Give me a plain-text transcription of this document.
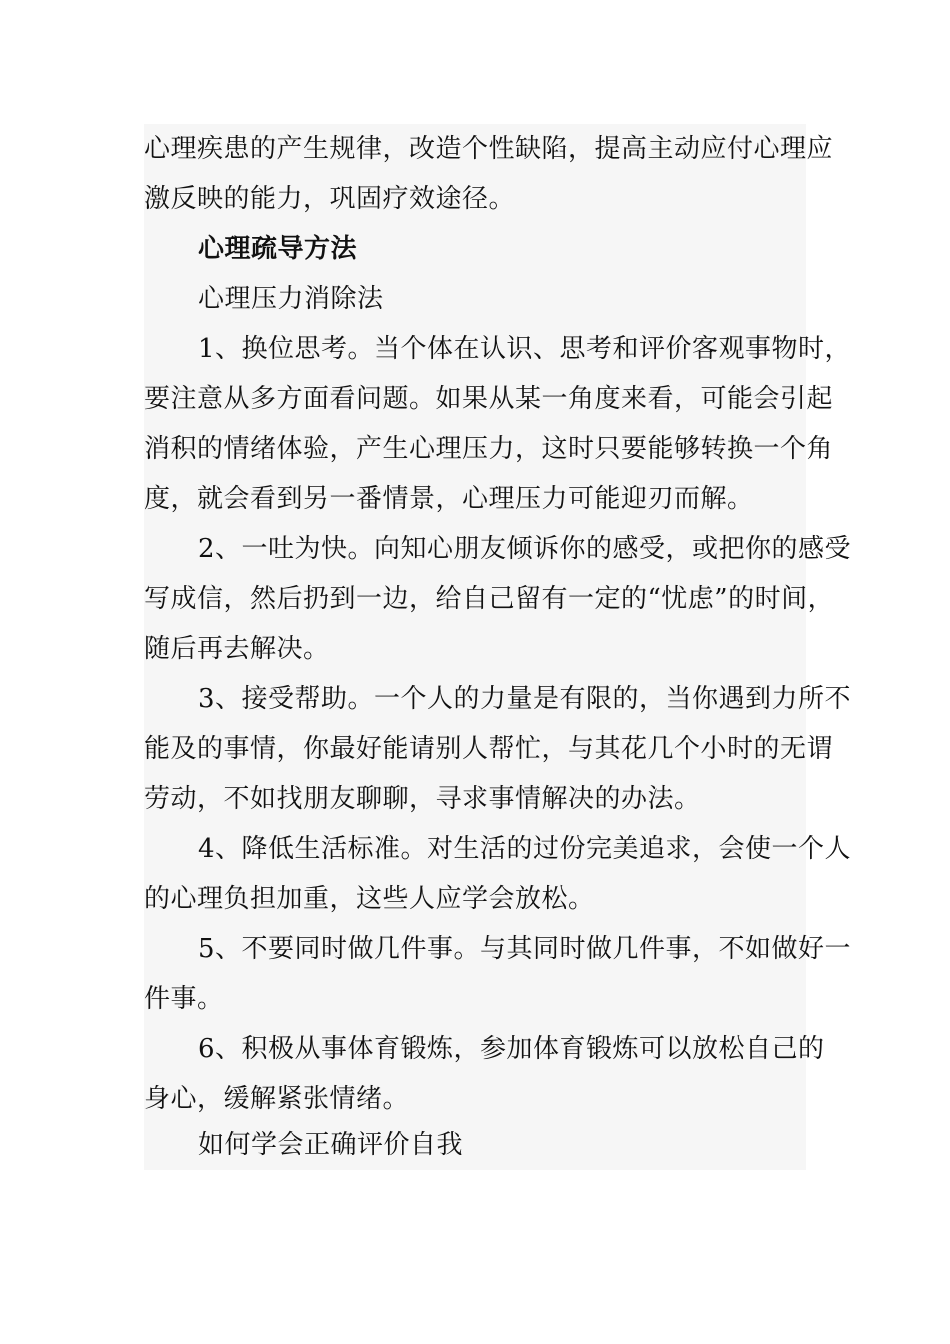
心理疾患的产生规律，改造个性缺陷，提高主动应付心理应
激反映的能力，巩固疗效途径。
心理疏导方法
心理压力消除法
1、换位思考。当个体在认识、思考和评价客观事物时，
要注意从多方面看问题。如果从某一角度来看，可能会引起
消积的情绪体验，产生心理压力，这时只要能够转换一个角
度，就会看到另一番情景，心理压力可能迎刃而解。
2、一吐为快。向知心朋友倾诉你的感受，或把你的感受
写成信，然后扔到一边，给自己留有一定的“忧虑”的时间，
随后再去解决。
3、接受帮助。一个人的力量是有限的，当你遇到力所不
能及的事情，你最好能请别人帮忙，与其花几个小时的无谓
劳动，不如找朋友聊聊，寻求事情解决的办法。
4、降低生活标准。对生活的过份完美追求，会使一个人
的心理负担加重，这些人应学会放松。
5、不要同时做几件事。与其同时做几件事，不如做好一
件事。
6、积极从事体育锻炼，参加体育锻炼可以放松自己的
身心，缓解紧张情绪。
如何学会正确评价自我
